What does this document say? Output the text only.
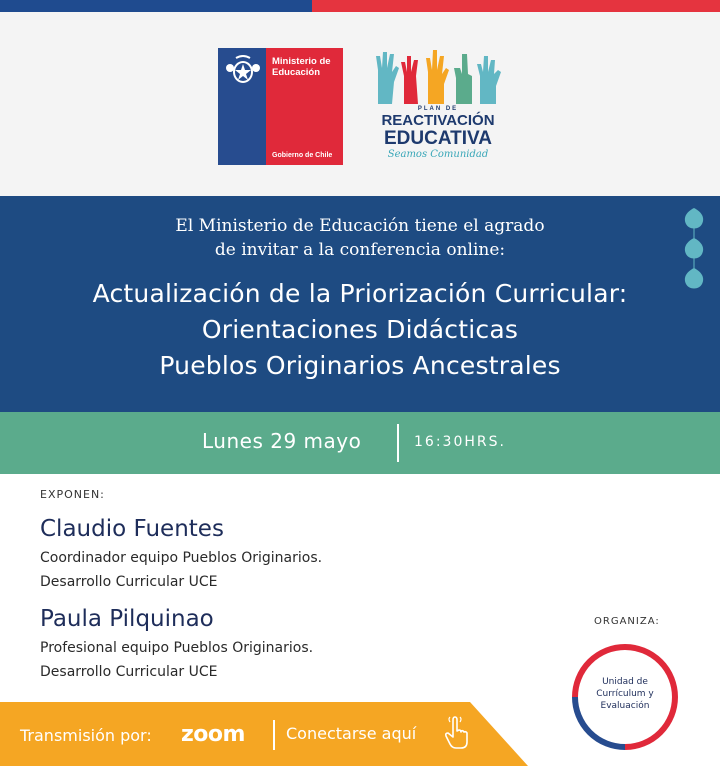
Ministerio de Educación
Gobierno de Chile
PLAN DE
REACTIVACIÓN
EDUCATIVA
Seamos Comunidad
El Ministerio de Educación tiene el agrado
de invitar a la conferencia online:
Actualización de la Priorización Curricular:
Orientaciones Didácticas
Pueblos Originarios Ancestrales
Lunes 29 mayo	16:30HRS.
EXPONEN:
Claudio Fuentes
Coordinador equipo Pueblos Originarios.
Desarrollo Curricular UCE
Paula Pilquinao
Profesional equipo Pueblos Originarios.
Desarrollo Curricular UCE
ORGANIZA:
Unidad de
Currículum y
Evaluación
Transmisión por: zoom	Conectarse aquí
